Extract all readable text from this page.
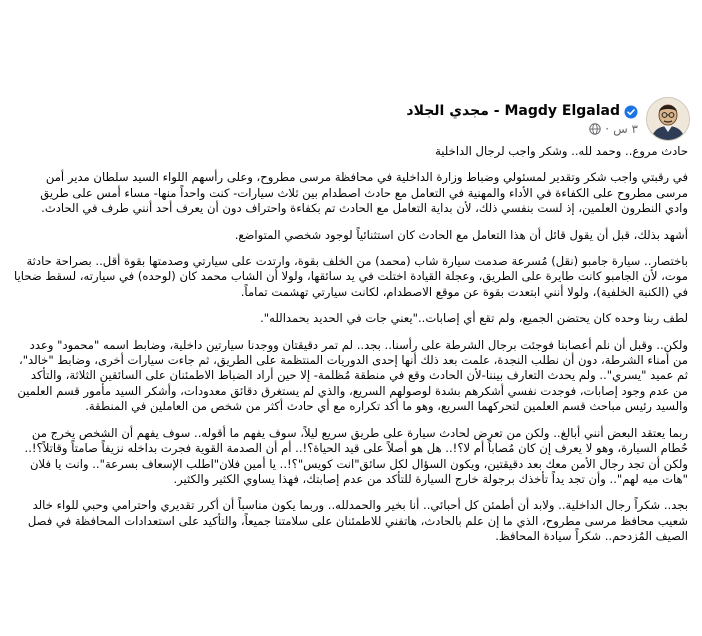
مجدي الجلاد - Magdy Elgalad
٣ س
·

حادث مروع.. وحمد لله.. وشكر واجب لرجال الداخلية

في رقبتي واجب شكر وتقدير لمسئولي وضباط وزارة الداخلية في محافظة مرسى مطروح، وعلى رأسهم اللواء السيد سلطان مدير أمن مرسى مطروح على الكفاءة في الأداء والمهنية في التعامل مع حادث اصطدام بين ثلاث سيارات- كنت واحداً منها- مساء أمس على طريق وادي النطرون العلمين، إذ لست بنفسي ذلك، لأن بداية التعامل مع الحادث تم بكفاءة واحتراف دون أن يعرف أحد أنني طرف في الحادث.

أشهد بذلك، قبل أن يقول قائل أن هذا التعامل مع الحادث كان استثنائياً لوجود شخصي المتواضع.

باختصار.. سيارة جامبو (نقل) مُسرعة صدمت سيارة شاب (محمد) من الخلف بقوة، وارتدت على سيارتي وصدمتها بقوة أقل.. بصراحة حادثة موت، لأن الجامبو كانت طايرة على الطريق، وعجلة القيادة اختلت في يد سائقها، ولولا أن الشاب محمد كان (لوحده) في سيارته، لسقط ضحايا في (الكنبة الخلفية)، ولولا أنني ابتعدت بقوة عن موقع الاصطدام، لكانت سيارتي تهشمت تماماً.

لطف ربنا وحده كان يحتضن الجميع، ولم تقع أي إصابات.."يعني جات في الحديد بحمدالله".

ولكن.. وقبل أن نلم أعصابنا فوجئت برجال الشرطة على رأسنا.. بجد.. لم تمر دقيقتان ووجدنا سيارتين داخلية، وضابط اسمه "محمود" وعدد من أمناء الشرطة، دون أن نطلب النجدة، علمت بعد ذلك أنها إحدى الدوريات المنتظمة على الطريق، ثم جاءت سيارات أخرى، وضابط "خالد"، ثم عميد "يسري".. ولم يحدث التعارف بيننا-لأن الحادث وقع في منطقة مُظلمة- إلا حين أراد الضباط الاطمئنان على السائقين الثلاثة، والتأكد من عدم وجود إصابات، فوجدت نفسي أشكرهم بشدة لوصولهم السريع، والذي لم يستغرق دقائق معدودات، وأشكر السيد مأمور قسم العلمين والسيد رئيس مباحث قسم العلمين لتحركهما السريع، وهو ما أكد تكراره مع أي حادث أكثر من شخص من العاملين في المنطقة.

ربما يعتقد البعض أنني أبالغ.. ولكن من تعرض لحادث سيارة على طريق سريع ليلاً، سوف يفهم ما أقوله.. سوف يفهم أن الشخص يخرج من حُطام السيارة، وهو لا يعرف إن كان مُصاباً أم لا؟!.. هل هو أصلاً على قيد الحياة؟!.. أم أن الصدمة القوية فجرت بداخله نزيفاً صامتاً وقاتلاً؟!.. ولكن أن تجد رجال الأمن معك بعد دقيقتين، ويكون السؤال لكل سائق"انت كويس"؟!.. يا أمين فلان"اطلب الإسعاف بسرعة".. وانت يا فلان "هات ميه لهم".. وأن تجد يداً تأخذك برجولة خارج السيارة للتأكد من عدم إصابتك، فهذا يساوي الكثير والكثير.

بجد.. شكراً رجال الداخلية.. ولابد أن أطمئن كل أحبائي.. أنا بخير والحمدلله.. وربما يكون مناسباً أن أكرر تقديري واحترامي وحبي للواء خالد شعيب محافظ مرسى مطروح، الذي ما إن علم بالحادث، هاتفني للاطمئنان على سلامتنا جميعاً، والتأكيد على استعدادات المحافظة في فصل الصيف المُزدحم.. شكراً سيادة المحافظ.
